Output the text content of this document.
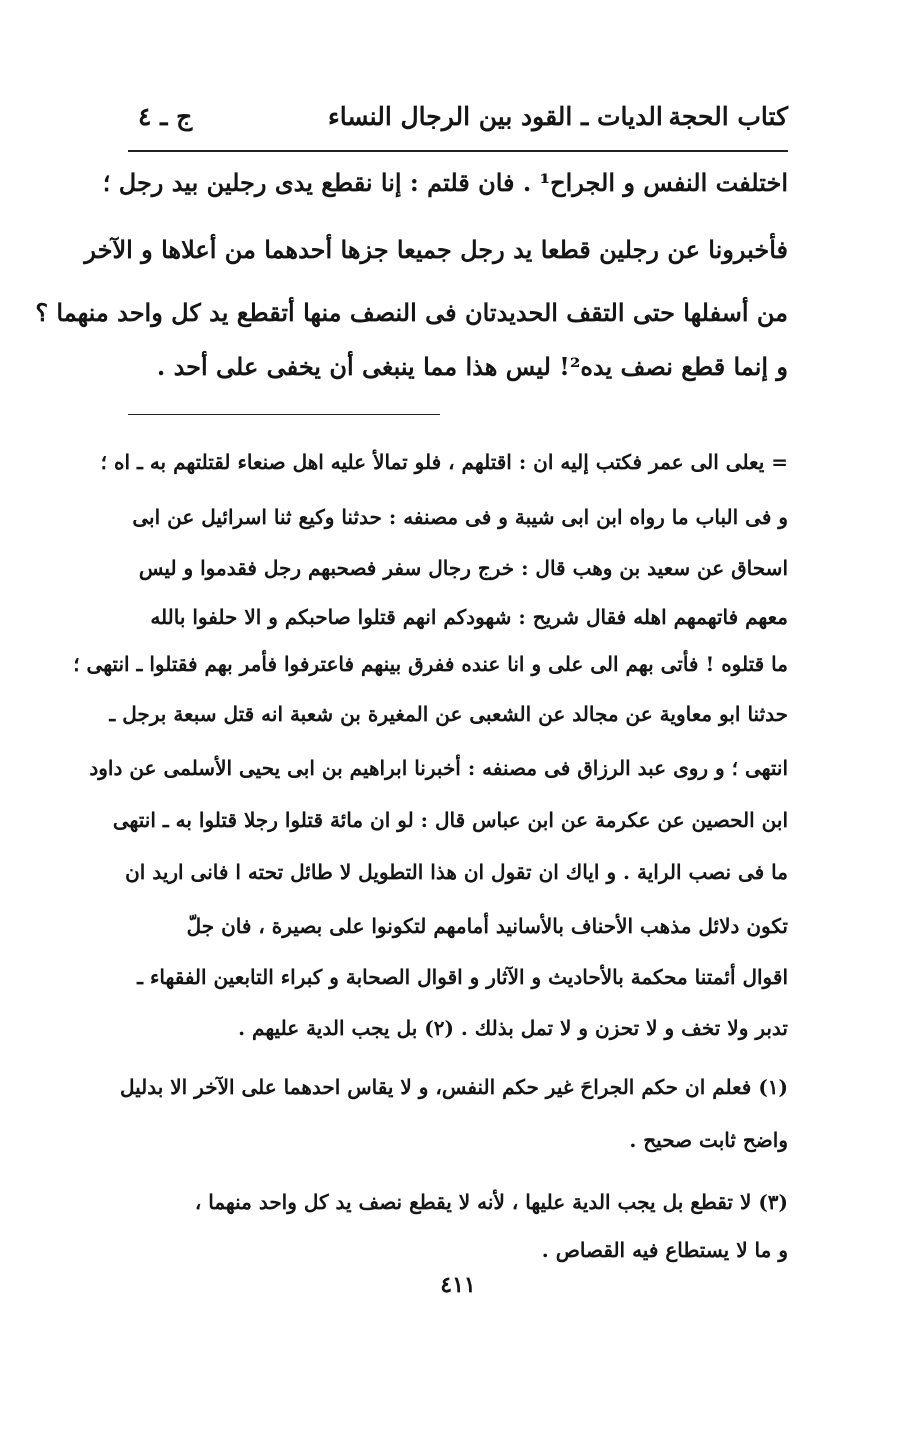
كتاب الحجة
الديات ـ القود بين الرجال النساء
ج ـ ٤
اختلفت النفس و الجراح¹ . فان قلتم : إنا نقطع يدى رجلين بيد رجل ؛
فأخبرونا عن رجلين قطعا يد رجل جميعا جزها أحدهما من أعلاها و الآخر
من أسفلها حتى التقف الحديدتان فى النصف منها أتقطع يد كل واحد منهما ؟
و إنما قطع نصف يده²! ليس هذا مما ينبغى أن يخفى على أحد .
= يعلى الى عمر فكتب إليه ان : اقتلهم ، فلو تمالأ عليه اهل صنعاء لقتلتهم به ـ اه ؛
و فى الباب ما رواه ابن ابى شيبة و فى مصنفه : حدثنا وكيع ثنا اسرائيل عن ابى
اسحاق عن سعيد بن وهب قال : خرج رجال سفر فصحبهم رجل فقدموا و ليس
معهم فاتهمهم اهله فقال شريح : شهودكم انهم قتلوا صاحبكم و الا حلفوا بالله
ما قتلوه ! فأتى بهم الى على و انا عنده ففرق بينهم فاعترفوا فأمر بهم فقتلوا ـ انتهى ؛
حدثنا ابو معاوية عن مجالد عن الشعبى عن المغيرة بن شعبة انه قتل سبعة برجل ـ
انتهى ؛ و روى عبد الرزاق فى مصنفه : أخبرنا ابراهيم بن ابى يحيى الأسلمى عن داود
ابن الحصين عن عكرمة عن ابن عباس قال : لو ان مائة قتلوا رجلا قتلوا به ـ انتهى
ما فى نصب الراية . و اياك ان تقول ان هذا التطويل لا طائل تحته ا فانى اريد ان
تكون دلائل مذهب الأحناف بالأسانيد أمامهم لتكونوا على بصيرة ، فان جلّ
اقوال أئمتنا محكمة بالأحاديث و الآثار و اقوال الصحابة و كبراء التابعين الفقهاء ـ
تدبر ولا تخف و لا تحزن و لا تمل بذلك . (٢) بل يجب الدية عليهم .
(١) فعلم ان حكم الجراحَ غير حكم النفس، و لا يقاس احدهما على الآخر الا بدليل
واضح ثابت صحيح .
(٣) لا تقطع بل يجب الدية عليها ، لأنه لا يقطع نصف يد كل واحد منهما ،
و ما لا يستطاع فيه القصاص .
٤١١
